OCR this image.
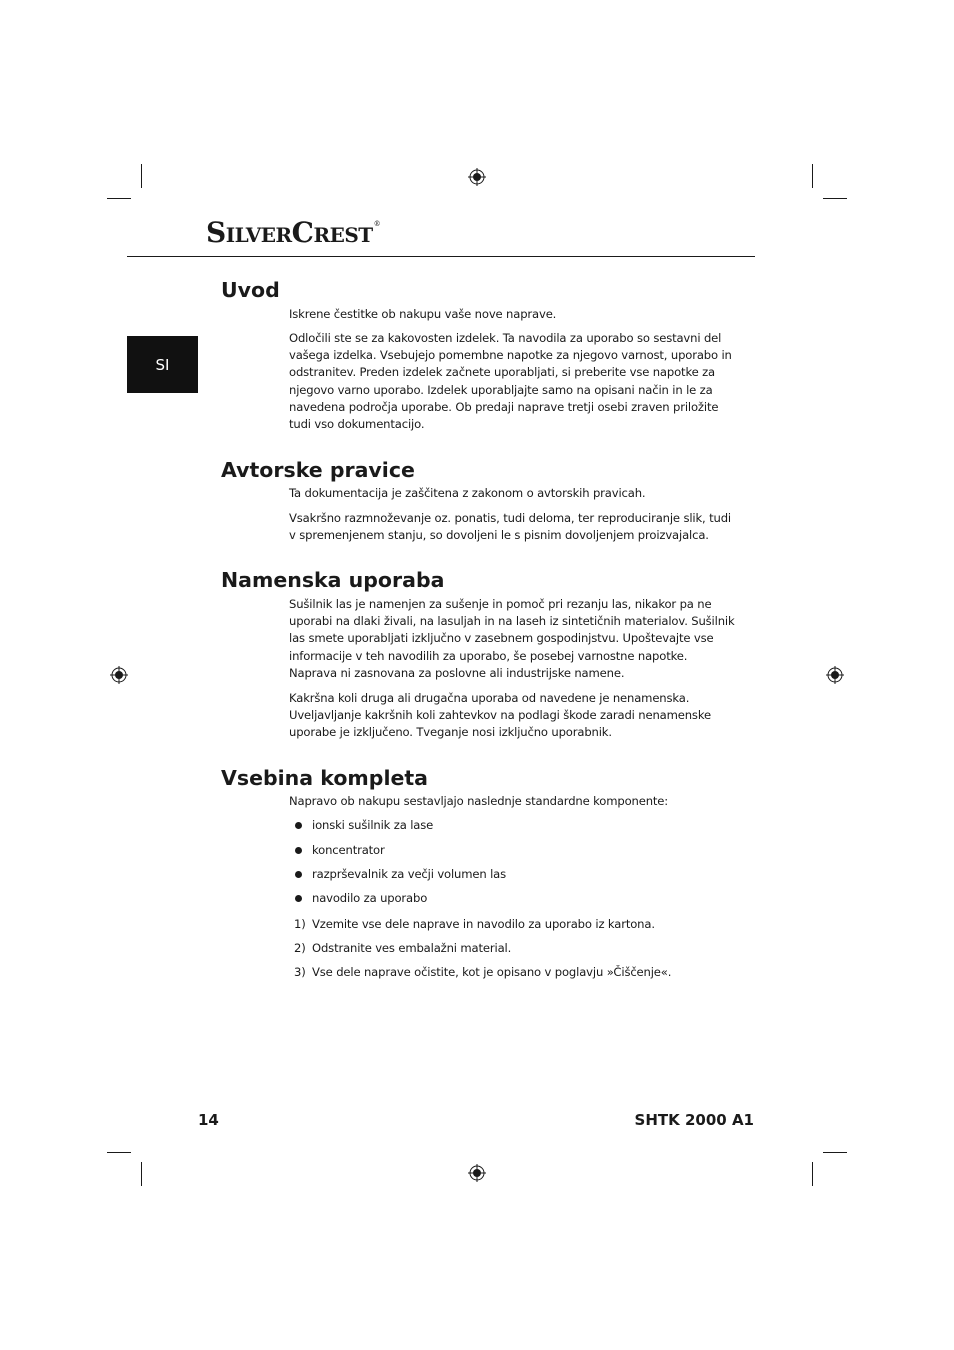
SILVERCREST®
SI
Uvod

Iskrene čestitke ob nakupu vaše nove naprave.

Odločili ste se za kakovosten izdelek. Ta navodila za uporabo so sestavni del vašega izdelka. Vsebujejo pomembne napotke za njegovo varnost, uporabo in odstranitev. Preden izdelek začnete uporabljati, si preberite vse napotke za njegovo varno uporabo. Izdelek uporabljajte samo na opisani način in le za navedena področja uporabe. Ob predaji naprave tretji osebi zraven priložite tudi vso dokumentacijo.

Avtorske pravice

Ta dokumentacija je zaščitena z zakonom o avtorskih pravicah.

Vsakršno razmnoževanje oz. ponatis, tudi deloma, ter reproduciranje slik, tudi v spremenjenem stanju, so dovoljeni le s pisnim dovoljenjem proizvajalca.

Namenska uporaba

Sušilnik las je namenjen za sušenje in pomoč pri rezanju las, nikakor pa ne uporabi na dlaki živali, na lasuljah in na laseh iz sintetičnih materialov. Sušilnik las smete uporabljati izključno v zasebnem gospodinjstvu. Upoštevajte vse informacije v teh navodilih za uporabo, še posebej varnostne napotke. Naprava ni zasnovana za poslovne ali industrijske namene.

Kakršna koli druga ali drugačna uporaba od navedene je nenamenska. Uveljavljanje kakršnih koli zahtevkov na podlagi škode zaradi nenamenske uporabe je izključeno. Tveganje nosi izključno uporabnik.

Vsebina kompleta

Napravo ob nakupu sestavljajo naslednje standardne komponente:

ionski sušilnik za lase
koncentrator
razprševalnik za večji volumen las
navodilo za uporabo
1) Vzemite vse dele naprave in navodilo za uporabo iz kartona.
2) Odstranite ves embalažni material.
3) Vse dele naprave očistite, kot je opisano v poglavju »Čiščenje«.
14	SHTK 2000 A1
